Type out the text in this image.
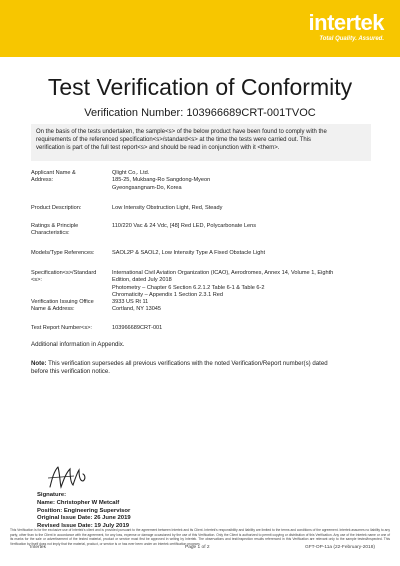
intertek
Total Quality. Assured.
Test Verification of Conformity
Verification Number: 103966689CRT-001TVOC

On the basis of the tests undertaken, the sample<s> of the below product have been found to comply with the

requirements of the referenced specification<s>/standard<s> at the time the tests were carried out. This

verification is part of the full test report<s> and should be read in conjunction with it <them>.

Applicant Name &
Address:
Qlight Co,. Ltd.
185-25, Mukbang-Ro Sangdong-Myeon
Gyeongsangnam-Do, Korea
Product Description:	Low Intensity Obstruction Light, Red, Steady
Ratings & Principle
Characteristics:
110/220 Vac & 24 Vdc, [48] Red LED, Polycarbonate Lens
Models/Type References:	SAOL2P & SAOL2, Low Intensity Type A Fixed Obstacle Light
Specification<s>/Standard
<s>:
International Civil Aviation Organization (ICAO), Aerodromes, Annex 14, Volume 1, Eighth
Edition, dated July 2018
Photometry – Chapter 6 Section 6.2.1.2 Table 6-1 & Table 6-2
Chromaticity – Appendix 1 Section 2.3.1 Red
Verification Issuing Office
Name & Address:
3933 US Rt 11
Cortland, NY 13045
Test Report Number<s>:	103966689CRT-001
Additional information in Appendix.
Note: This verification supersedes all previous verifications with the noted Verification/Report number(s) dated
before this verification notice.
Signature:
Name: Christopher W Metcalf
Position: Engineering Supervisor
Original Issue Date: 26 June 2019
Revised Issue Date: 19 July 2019
This Verification is for the exclusive use of Intertek's client and is provided pursuant to the agreement between Intertek and its Client. Intertek's responsibility and liability are limited to the terms and conditions of the agreement. Intertek assumes no liability to any party, other than to the Client in accordance with the agreement, for any loss, expense or damage occasioned by the use of this Verification. Only the Client is authorized to permit copying or distribution of this Verification. Any use of the Intertek name or one of its marks for the sale or advertisement of the tested material, product or service must first be approved in writing by Intertek. The observations and test/inspection results referenced in this Verification are relevant only to the sample tested/inspected. This Verification by itself does not imply that the material, product, or service is or has ever been under an Intertek certification program.
Intertek	Page 1 of 2	GFT-OP-11a (22-February-2018)
